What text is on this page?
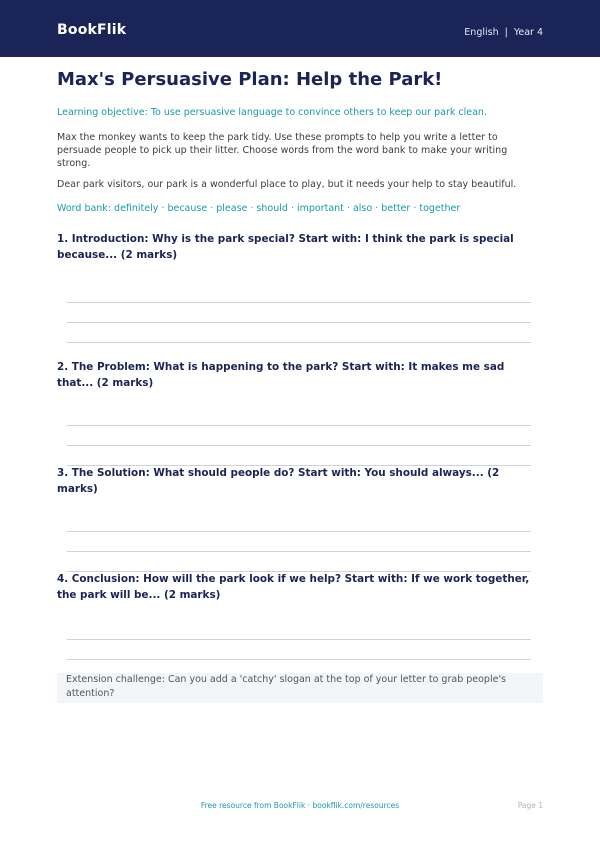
BookFlik	English | Year 4
Max's Persuasive Plan: Help the Park!
Learning objective: To use persuasive language to convince others to keep our park clean.
Max the monkey wants to keep the park tidy. Use these prompts to help you write a letter to persuade people to pick up their litter. Choose words from the word bank to make your writing strong.
Dear park visitors, our park is a wonderful place to play, but it needs your help to stay beautiful.
Word bank: definitely · because · please · should · important · also · better · together
1. Introduction: Why is the park special? Start with: I think the park is special because... (2 marks)
2. The Problem: What is happening to the park? Start with: It makes me sad that... (2 marks)
3. The Solution: What should people do? Start with: You should always... (2 marks)
4. Conclusion: How will the park look if we help? Start with: If we work together, the park will be... (2 marks)
Extension challenge: Can you add a 'catchy' slogan at the top of your letter to grab people's attention?
Free resource from BookFlik · bookflik.com/resources	Page 1
